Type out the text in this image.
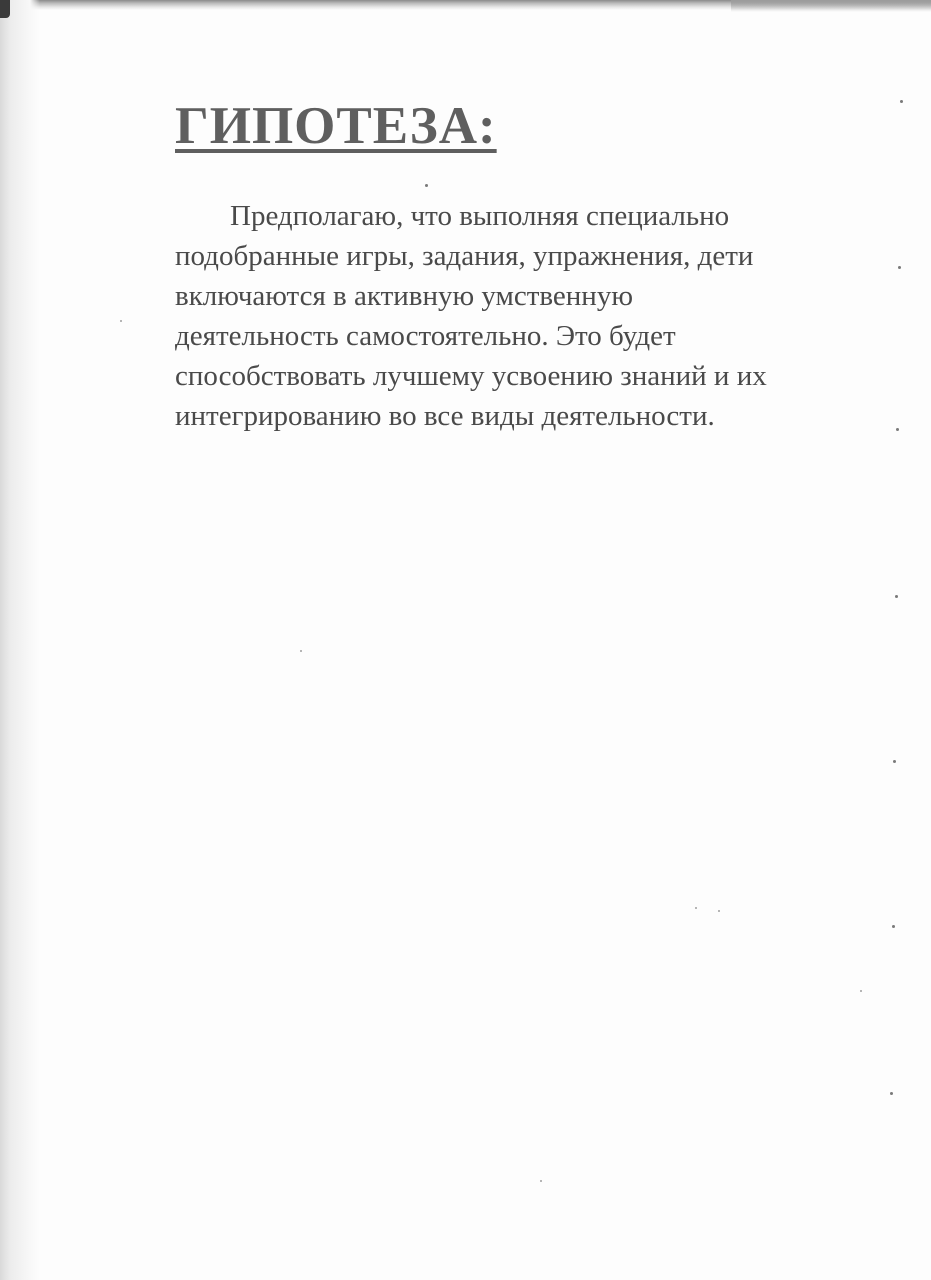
ГИПОТЕЗА:

Предполагаю, что выполняя специально
подобранные игры, задания, упражнения, дети
включаются в активную умственную
деятельность самостоятельно. Это будет
способствовать лучшему усвоению знаний и их
интегрированию во все виды деятельности.
